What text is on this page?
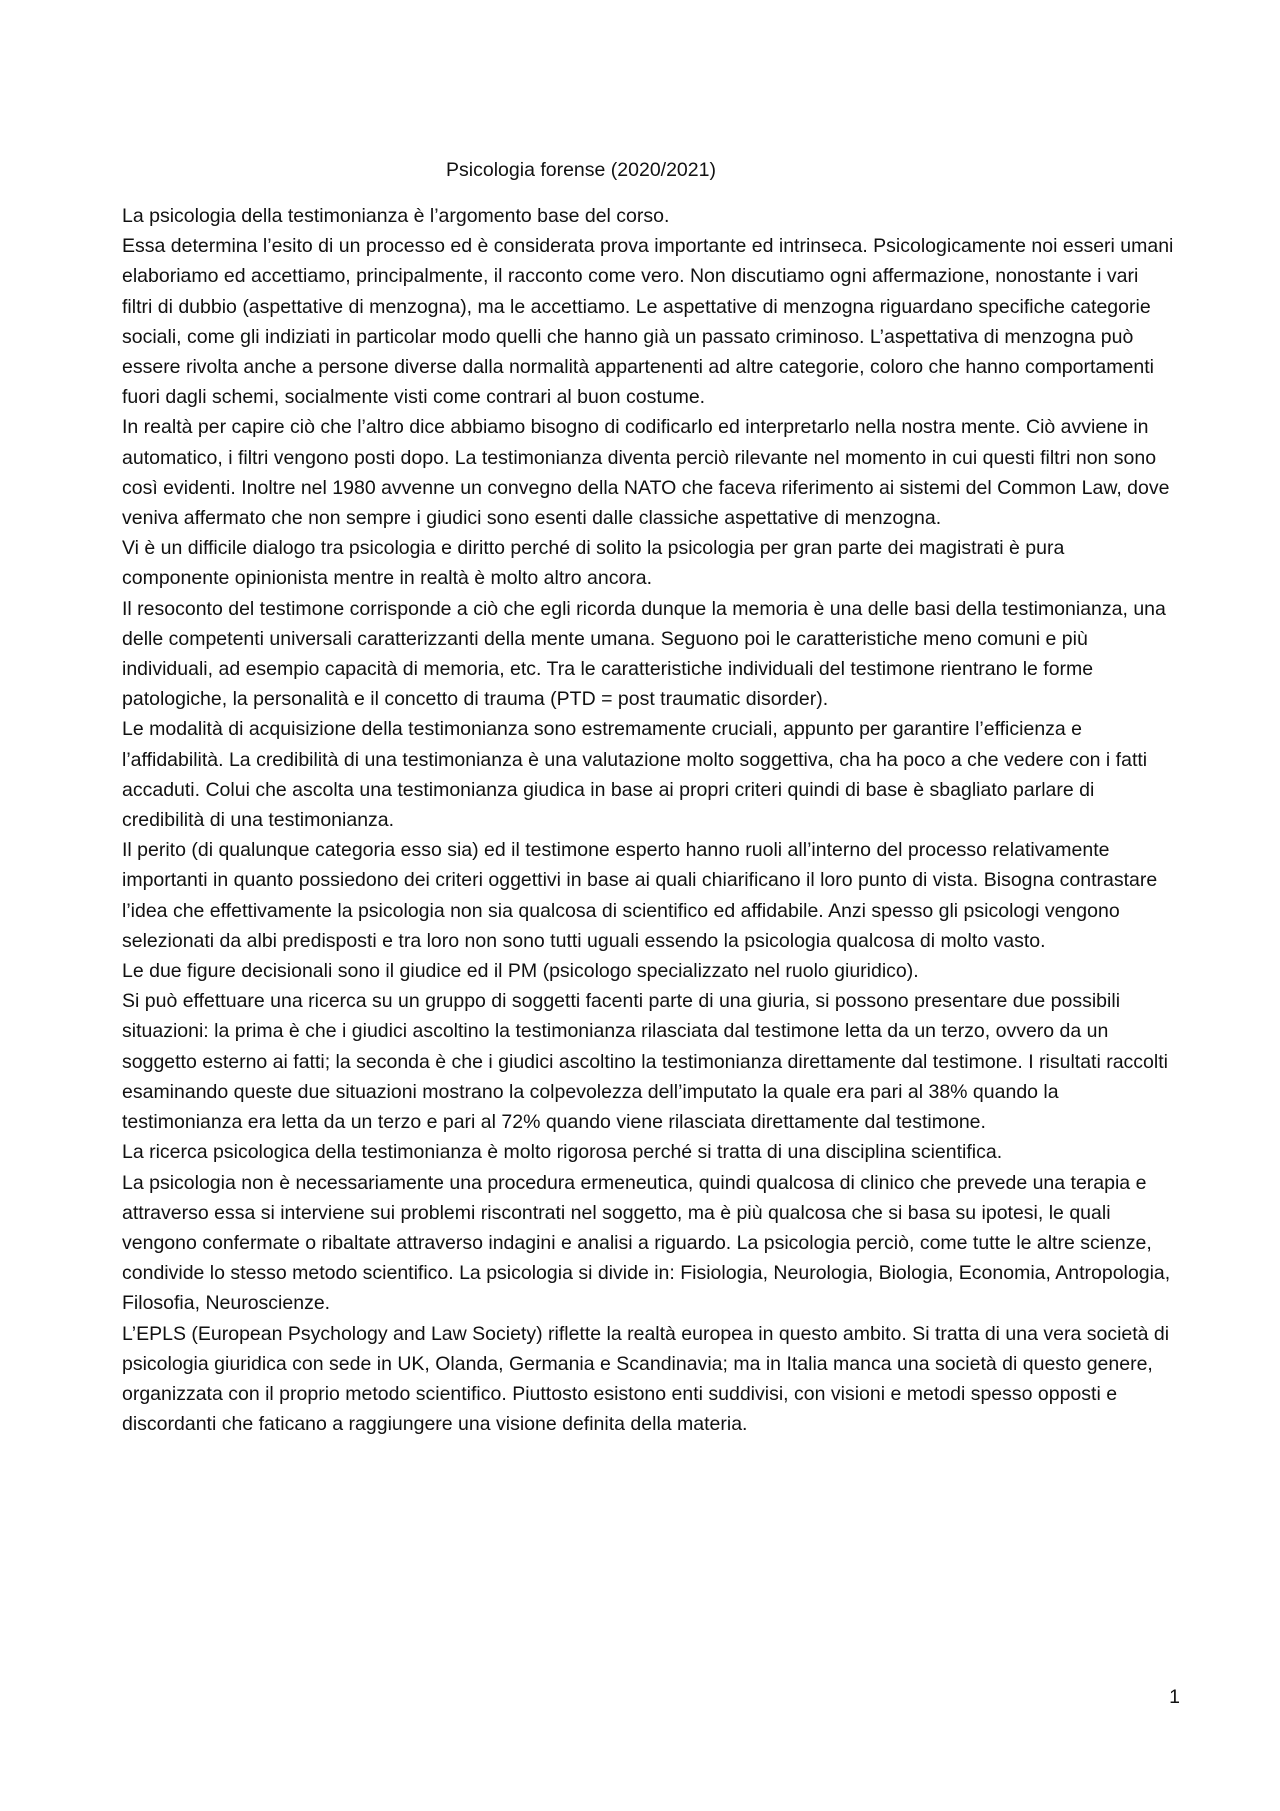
Psicologia forense (2020/2021)

La psicologia della testimonianza è l’argomento base del corso.

Essa determina l’esito di un processo ed è considerata prova importante ed intrinseca. Psicologicamente noi esseri umani elaboriamo ed accettiamo, principalmente, il racconto come vero. Non discutiamo ogni affermazione, nonostante i vari filtri di dubbio (aspettative di menzogna), ma le accettiamo. Le aspettative di menzogna riguardano specifiche categorie sociali, come gli indiziati in particolar modo quelli che hanno già un passato criminoso. L’aspettativa di menzogna può essere rivolta anche a persone diverse dalla normalità appartenenti ad altre categorie, coloro che hanno comportamenti fuori dagli schemi, socialmente visti come contrari al buon costume.

In realtà per capire ciò che l’altro dice abbiamo bisogno di codificarlo ed interpretarlo nella nostra mente. Ciò avviene in automatico, i filtri vengono posti dopo. La testimonianza diventa perciò rilevante nel momento in cui questi filtri non sono così evidenti. Inoltre nel 1980 avvenne un convegno della NATO che faceva riferimento ai sistemi del Common Law, dove veniva affermato che non sempre i giudici sono esenti dalle classiche aspettative di menzogna.

Vi è un difficile dialogo tra psicologia e diritto perché di solito la psicologia per gran parte dei magistrati è pura componente opinionista mentre in realtà è molto altro ancora.

Il resoconto del testimone corrisponde a ciò che egli ricorda dunque la memoria è una delle basi della testimonianza, una delle competenti universali caratterizzanti della mente umana. Seguono poi le caratteristiche meno comuni e più individuali, ad esempio capacità di memoria, etc. Tra le caratteristiche individuali del testimone rientrano le forme patologiche, la personalità e il concetto di trauma (PTD = post traumatic disorder).

Le modalità di acquisizione della testimonianza sono estremamente cruciali, appunto per garantire l’efficienza e l’affidabilità. La credibilità di una testimonianza è una valutazione molto soggettiva, cha ha poco a che vedere con i fatti accaduti. Colui che ascolta una testimonianza giudica in base ai propri criteri quindi di base è sbagliato parlare di credibilità di una testimonianza.

Il perito (di qualunque categoria esso sia) ed il testimone esperto hanno ruoli all’interno del processo relativamente importanti in quanto possiedono dei criteri oggettivi in base ai quali chiarificano il loro punto di vista. Bisogna contrastare l’idea che effettivamente la psicologia non sia qualcosa di scientifico ed affidabile. Anzi spesso gli psicologi vengono selezionati da albi predisposti e tra loro non sono tutti uguali essendo la psicologia qualcosa di molto vasto.

Le due figure decisionali sono il giudice ed il PM (psicologo specializzato nel ruolo giuridico).

Si può effettuare una ricerca su un gruppo di soggetti facenti parte di una giuria, si possono presentare due possibili situazioni: la prima è che i giudici ascoltino la testimonianza rilasciata dal testimone letta da un terzo, ovvero da un soggetto esterno ai fatti; la seconda è che i giudici ascoltino la testimonianza direttamente dal testimone. I risultati raccolti esaminando queste due situazioni mostrano la colpevolezza dell’imputato la quale era pari al 38% quando la testimonianza era letta da un terzo e pari al 72% quando viene rilasciata direttamente dal testimone.

La ricerca psicologica della testimonianza è molto rigorosa perché si tratta di una disciplina scientifica.

La psicologia non è necessariamente una procedura ermeneutica, quindi qualcosa di clinico che prevede una terapia e attraverso essa si interviene sui problemi riscontrati nel soggetto, ma è più qualcosa che si basa su ipotesi, le quali vengono confermate o ribaltate attraverso indagini e analisi a riguardo. La psicologia perciò, come tutte le altre scienze, condivide lo stesso metodo scientifico. La psicologia si divide in: Fisiologia, Neurologia, Biologia, Economia, Antropologia, Filosofia, Neuroscienze.

L’EPLS (European Psychology and Law Society) riflette la realtà europea in questo ambito. Si tratta di una vera società di psicologia giuridica con sede in UK, Olanda, Germania e Scandinavia; ma in Italia manca una società di questo genere, organizzata con il proprio metodo scientifico. Piuttosto esistono enti suddivisi, con visioni e metodi spesso opposti e discordanti che faticano a raggiungere una visione definita della materia.

1
